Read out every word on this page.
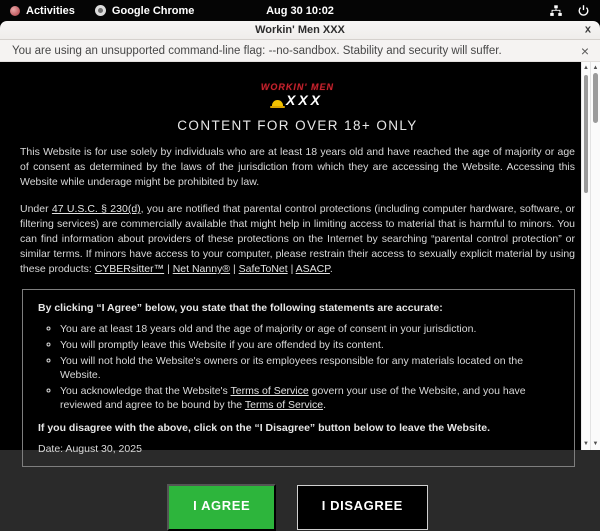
Activities	Google Chrome	Aug 30 10:02
Workin' Men XXX	x
You are using an unsupported command-line flag: --no-sandbox. Stability and security will suffer.	×
WORKIN' MEN
XXX
CONTENT FOR OVER 18+ ONLY

This Website is for use solely by individuals who are at least 18 years old and have reached the age of majority or age of consent as determined by the laws of the jurisdiction from which they are accessing the Website. Accessing this Website while underage might be prohibited by law.

Under 47 U.S.C. § 230(d), you are notified that parental control protections (including computer hardware, software, or filtering services) are commercially available that might help in limiting access to material that is harmful to minors. You can find information about providers of these protections on the Internet by searching “parental control protection” or similar terms. If minors have access to your computer, please restrain their access to sexually explicit material by using these products: CYBERsitter™ | Net Nanny® | SafeToNet | ASACP.

By clicking “I Agree” below, you state that the following statements are accurate:
◦ You are at least 18 years old and the age of majority or age of consent in your jurisdiction.
◦ You will promptly leave this Website if you are offended by its content.
◦ You will not hold the Website's owners or its employees responsible for any materials located on the Website.
◦ You acknowledge that the Website's Terms of Service govern your use of the Website, and you have reviewed and agree to be bound by the Terms of Service.
If you disagree with the above, click on the “I Disagree” button below to leave the Website.
Date: August 30, 2025
I AGREE	I DISAGREE
▲
▼
▲
▼
